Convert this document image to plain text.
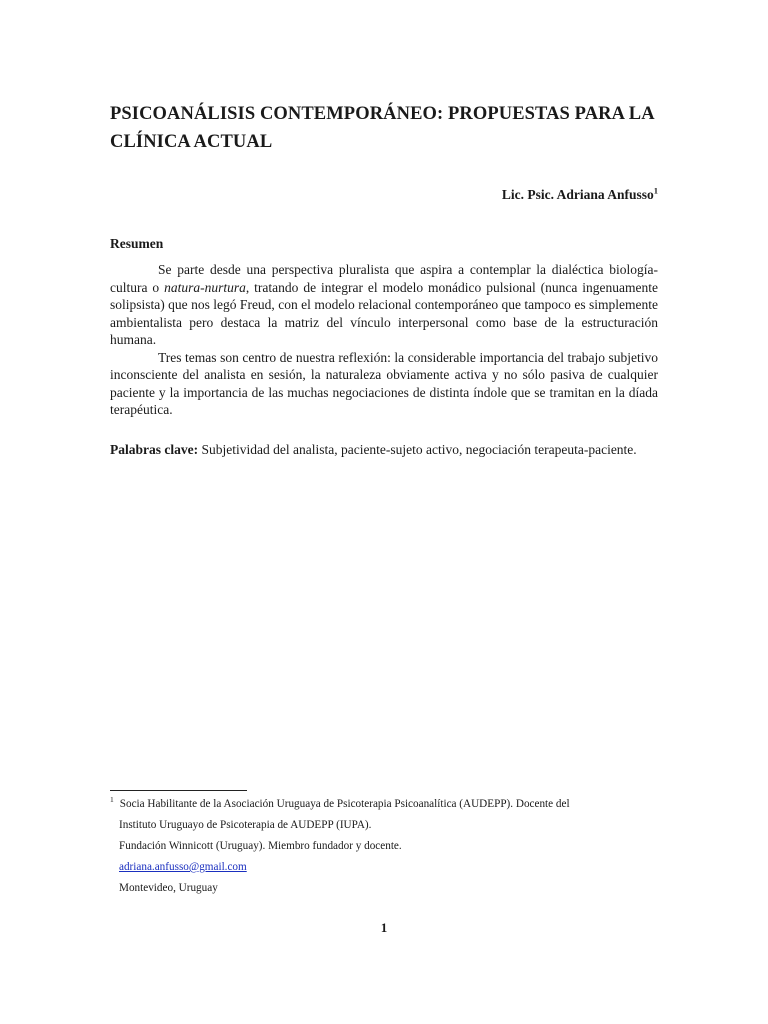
PSICOANÁLISIS CONTEMPORÁNEO: PROPUESTAS PARA LA CLÍNICA ACTUAL
Lic. Psic. Adriana Anfusso$^1$
Resumen

Se parte desde una perspectiva pluralista que aspira a contemplar la dialéctica biología-cultura o natura-nurtura, tratando de integrar el modelo monádico pulsional (nunca ingenuamente solipsista) que nos legó Freud, con el modelo relacional contemporáneo que tampoco es simplemente ambientalista pero destaca la matriz del vínculo interpersonal como base de la estructuración humana.

Tres temas son centro de nuestra reflexión: la considerable importancia del trabajo subjetivo inconsciente del analista en sesión, la naturaleza obviamente activa y no sólo pasiva de cualquier paciente y la importancia de las muchas negociaciones de distinta índole que se tramitan en la díada terapéutica.

Palabras clave: Subjetividad del analista, paciente-sujeto activo, negociación terapeuta-paciente.
$^1$ Socia Habilitante de la Asociación Uruguaya de Psicoterapia Psicoanalítica (AUDEPP). Docente del
Instituto Uruguayo de Psicoterapia de AUDEPP (IUPA).
Fundación Winnicott (Uruguay). Miembro fundador y docente.
adriana.anfusso@gmail.com
Montevideo, Uruguay
1
